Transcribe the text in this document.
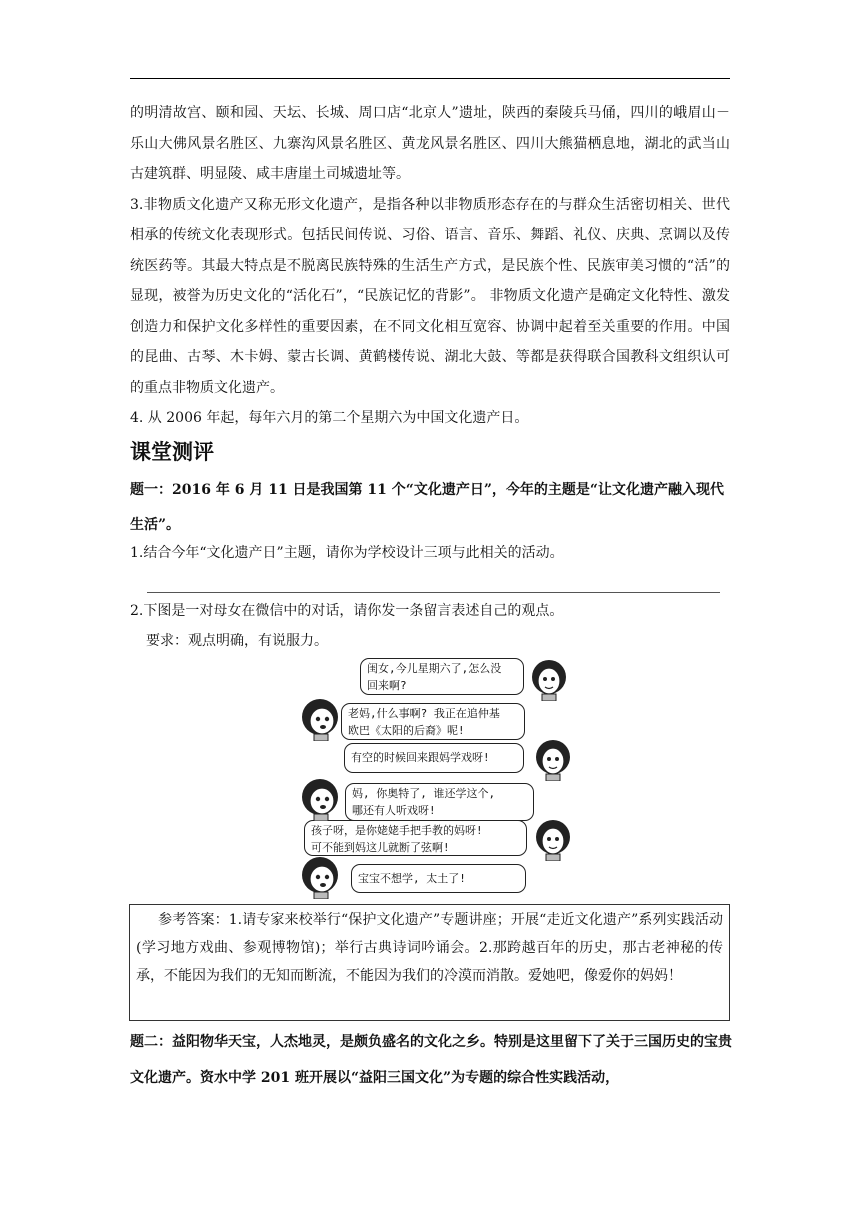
的明清故宫、颐和园、天坛、长城、周口店“北京人”遗址，陕西的秦陵兵马俑，四川的峨眉山－乐山大佛风景名胜区、九寨沟风景名胜区、黄龙风景名胜区、四川大熊猫栖息地，湖北的武当山古建筑群、明显陵、咸丰唐崖土司城遗址等。

3.非物质文化遗产又称无形文化遗产，是指各种以非物质形态存在的与群众生活密切相关、世代相承的传统文化表现形式。包括民间传说、习俗、语言、音乐、舞蹈、礼仪、庆典、烹调以及传统医药等。其最大特点是不脱离民族特殊的生活生产方式，是民族个性、民族审美习惯的“活”的显现，被誉为历史文化的“活化石”，“民族记忆的背影”。 非物质文化遗产是确定文化特性、激发创造力和保护文化多样性的重要因素，在不同文化相互宽容、协调中起着至关重要的作用。中国的昆曲、古琴、木卡姆、蒙古长调、黄鹤楼传说、湖北大鼓、等都是获得联合国教科文组织认可的重点非物质文化遗产。

4. 从 2006 年起，每年六月的第二个星期六为中国文化遗产日。

课堂测评
题一：2016 年 6 月 11 日是我国第 11 个“文化遗产日”，今年的主题是“让文化遗产融入现代生活”。
1.结合今年“文化遗产日”主题，请你为学校设计三项与此相关的活动。
2.下图是一对母女在微信中的对话，请你发一条留言表述自己的观点。
要求：观点明确，有说服力。
闺女,今儿星期六了,怎么没
回来啊?
老妈,什么事啊? 我正在追仲基
欧巴《太阳的后裔》呢!
有空的时候回来跟妈学戏呀!
妈, 你奥特了, 谁还学这个,
哪还有人听戏呀!
孩子呀，是你姥姥手把手教的妈呀!
可不能到妈这儿就断了弦啊!
宝宝不想学, 太土了!
参考答案：1.请专家来校举行“保护文化遗产”专题讲座；开展“走近文化遗产”系列实践活动(学习地方戏曲、参观博物馆)；举行古典诗词吟诵会。2.那跨越百年的历史，那古老神秘的传承，不能因为我们的无知而断流，不能因为我们的冷漠而消散。爱她吧，像爱你的妈妈！
题二：益阳物华天宝，人杰地灵，是颇负盛名的文化之乡。特别是这里留下了关于三国历史的宝贵文化遗产。资水中学 201 班开展以“益阳三国文化”为专题的综合性实践活动，
